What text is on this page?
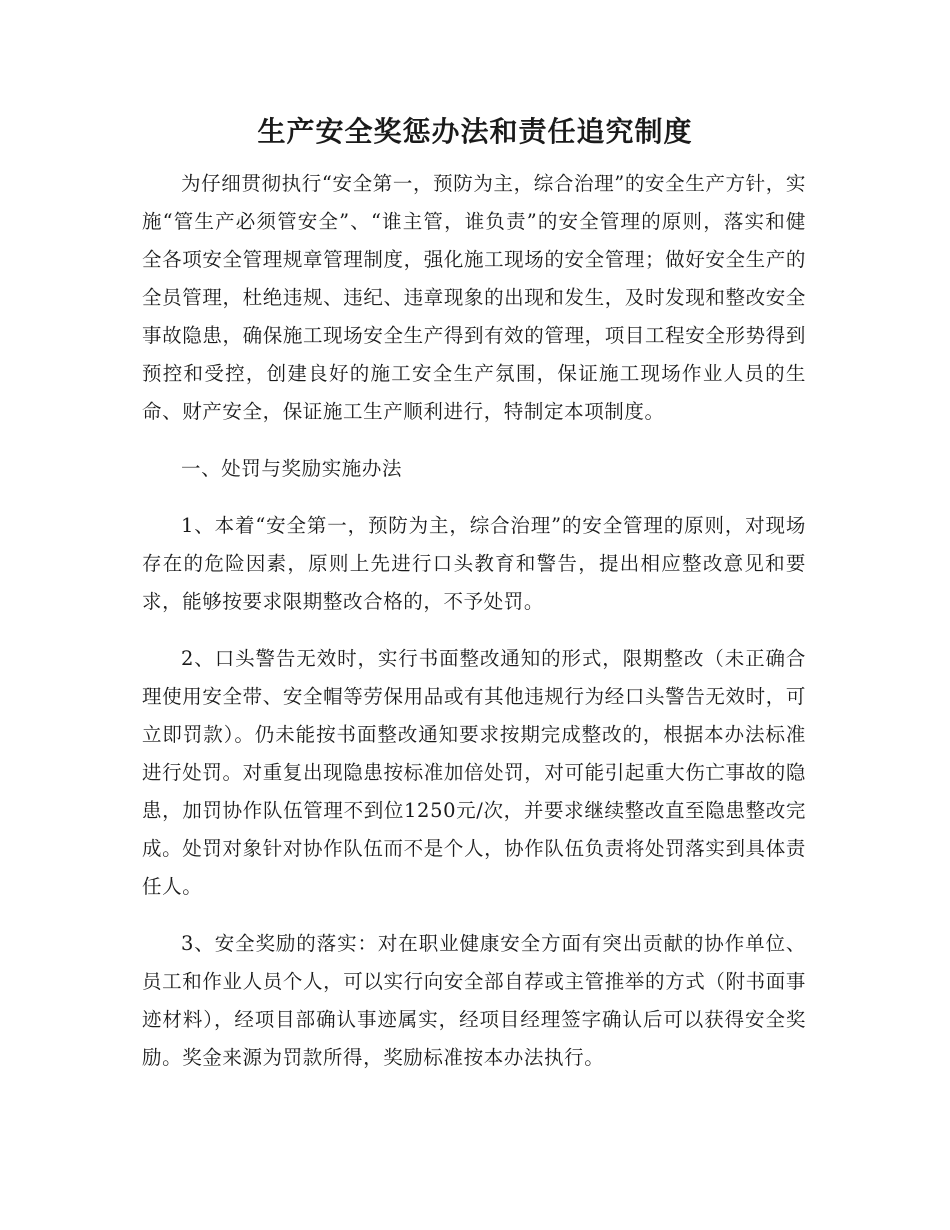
生产安全奖惩办法和责任追究制度

为仔细贯彻执行“安全第一，预防为主，综合治理”的安全生产方针，实施“管生产必须管安全”、“谁主管，谁负责”的安全管理的原则，落实和健全各项安全管理规章管理制度，强化施工现场的安全管理；做好安全生产的全员管理，杜绝违规、违纪、违章现象的出现和发生，及时发现和整改安全事故隐患，确保施工现场安全生产得到有效的管理，项目工程安全形势得到预控和受控，创建良好的施工安全生产氛围，保证施工现场作业人员的生命、财产安全，保证施工生产顺利进行，特制定本项制度。

一、处罚与奖励实施办法

1、本着“安全第一，预防为主，综合治理”的安全管理的原则，对现场存在的危险因素，原则上先进行口头教育和警告，提出相应整改意见和要求，能够按要求限期整改合格的，不予处罚。

2、口头警告无效时，实行书面整改通知的形式，限期整改（未正确合理使用安全带、安全帽等劳保用品或有其他违规行为经口头警告无效时，可立即罚款）。仍未能按书面整改通知要求按期完成整改的，根据本办法标准进行处罚。对重复出现隐患按标准加倍处罚，对可能引起重大伤亡事故的隐患，加罚协作队伍管理不到位1250元/次，并要求继续整改直至隐患整改完成。处罚对象针对协作队伍而不是个人，协作队伍负责将处罚落实到具体责任人。

3、安全奖励的落实：对在职业健康安全方面有突出贡献的协作单位、员工和作业人员个人，可以实行向安全部自荐或主管推举的方式（附书面事迹材料），经项目部确认事迹属实，经项目经理签字确认后可以获得安全奖励。奖金来源为罚款所得，奖励标准按本办法执行。
